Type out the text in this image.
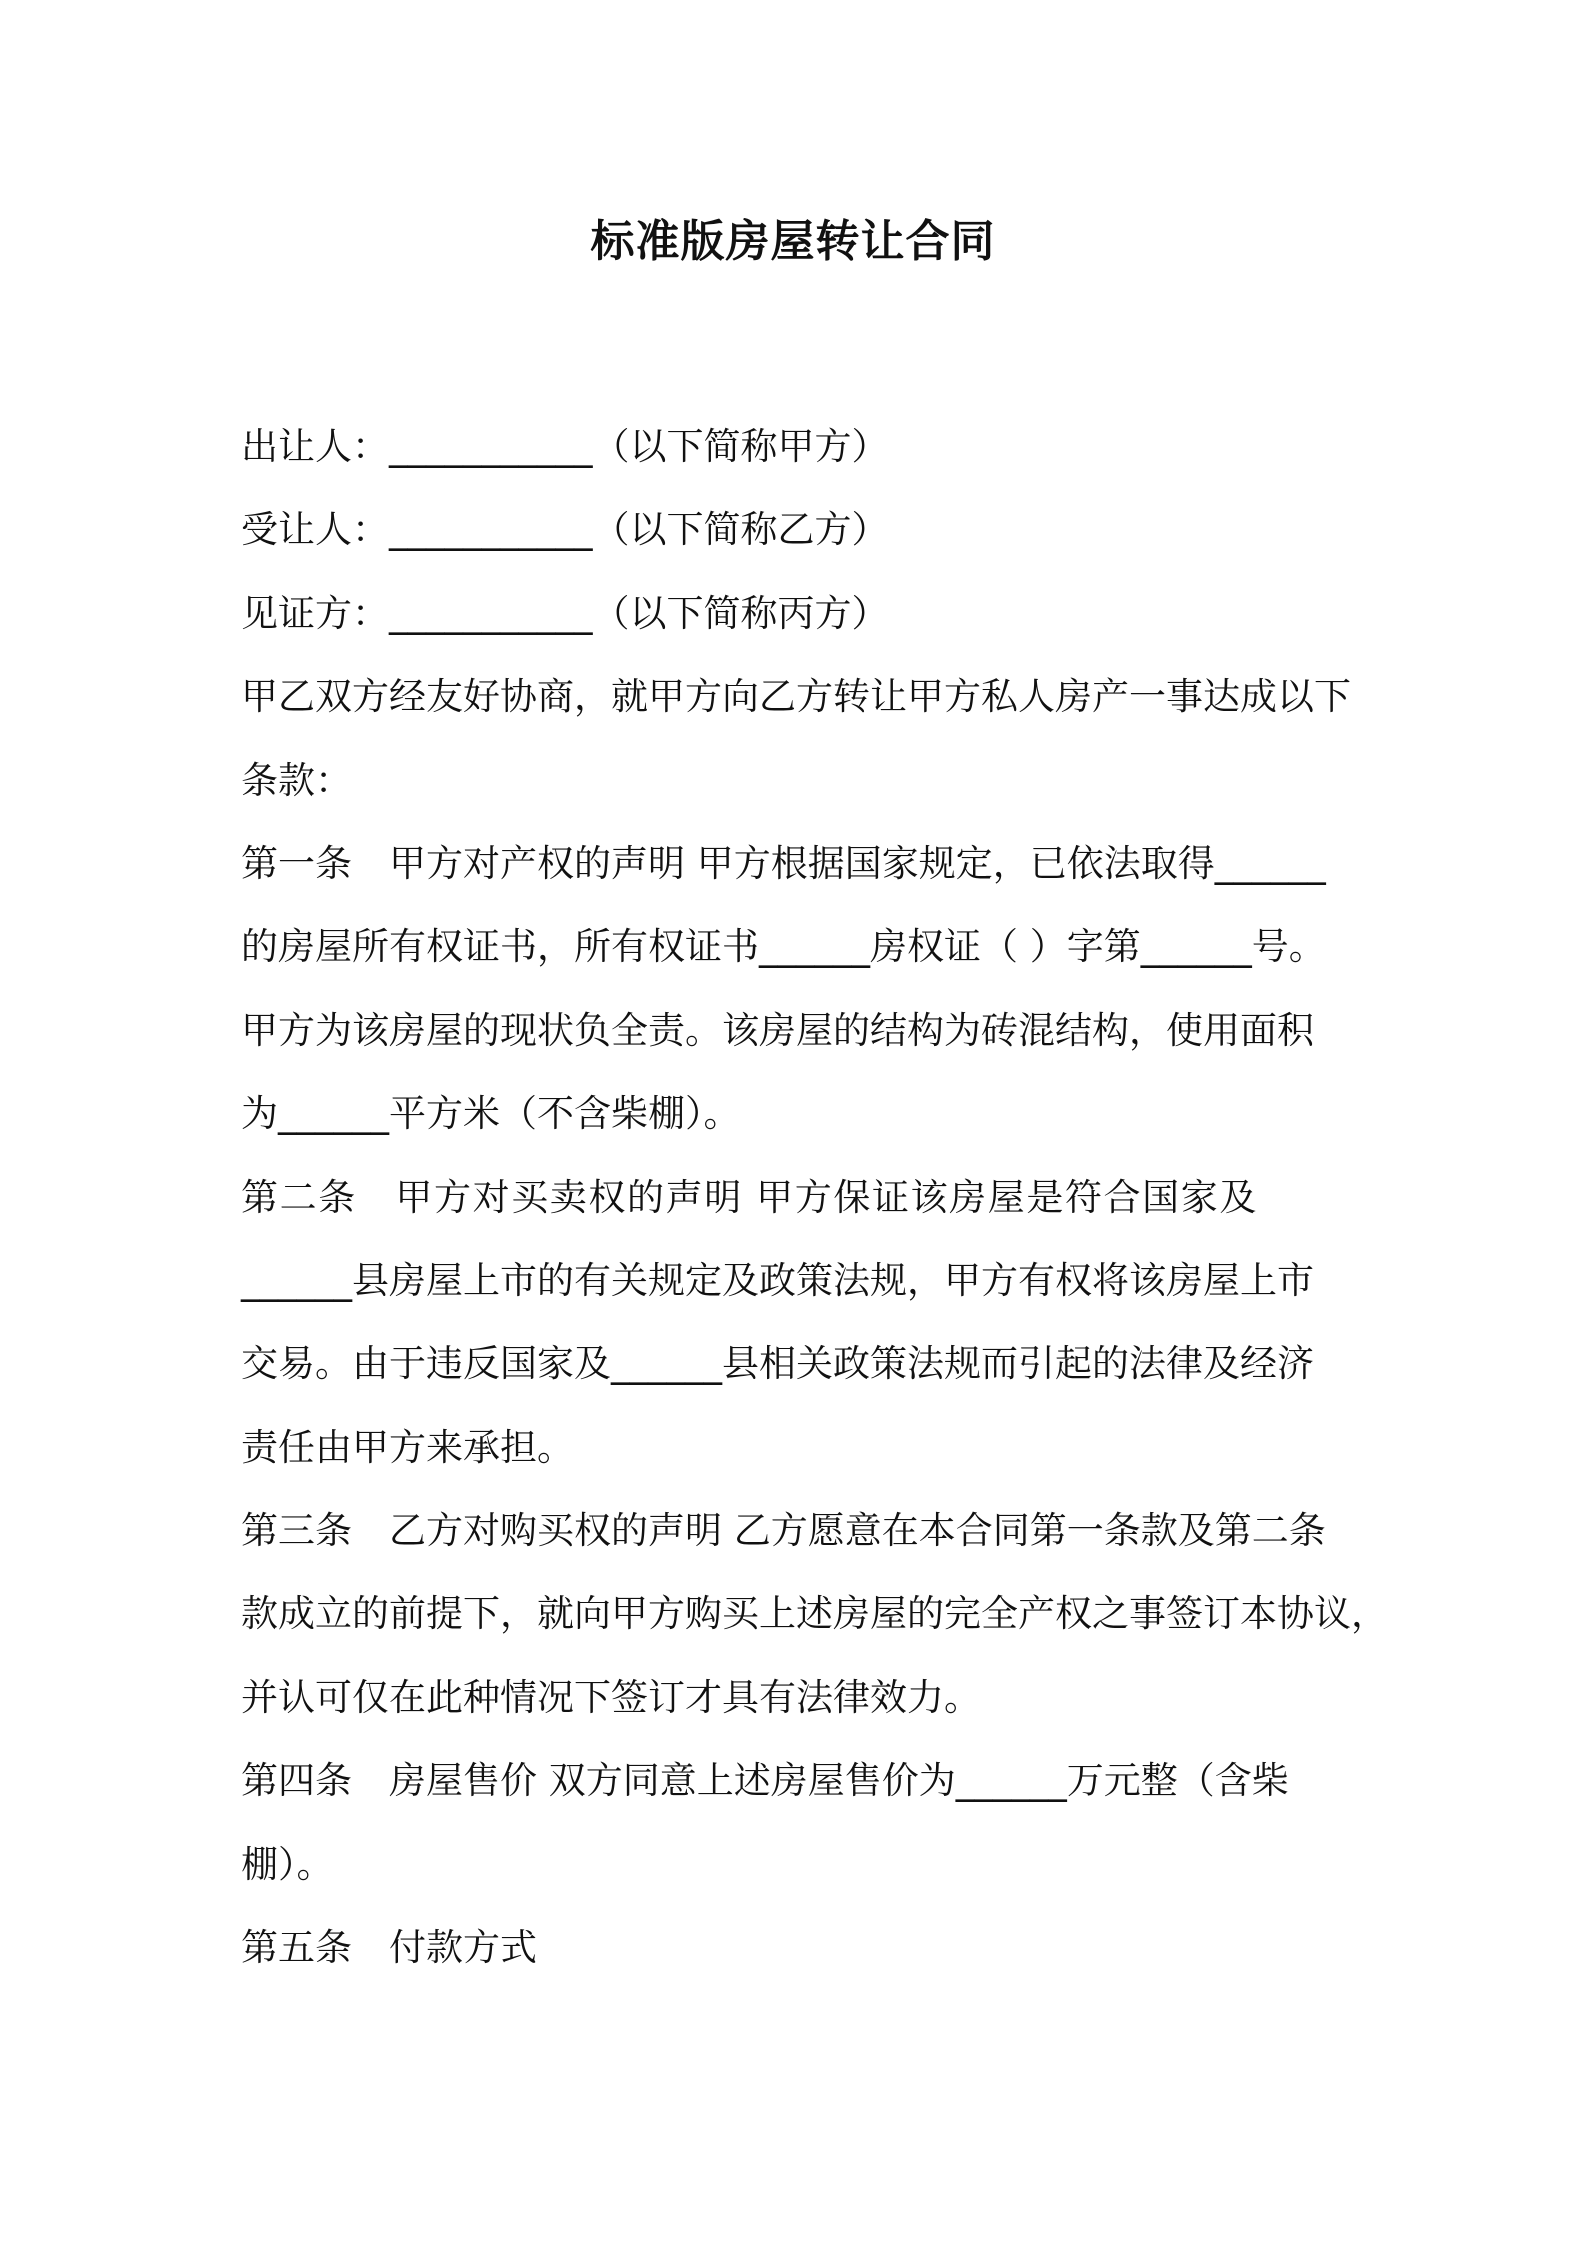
标准版房屋转让合同

出让人：___________（以下简称甲方）

受让人：___________（以下简称乙方）

见证方：___________（以下简称丙方）

甲乙双方经友好协商，就甲方向乙方转让甲方私人房产一事达成以下

条款：

第一条　甲方对产权的声明 甲方根据国家规定，已依法取得______

的房屋所有权证书，所有权证书______房权证（ ）字第______号。

甲方为该房屋的现状负全责。该房屋的结构为砖混结构，使用面积

为______平方米（不含柴棚）。

第二条　甲方对买卖权的声明 甲方保证该房屋是符合国家及

______县房屋上市的有关规定及政策法规，甲方有权将该房屋上市

交易。由于违反国家及______县相关政策法规而引起的法律及经济

责任由甲方来承担。

第三条　乙方对购买权的声明 乙方愿意在本合同第一条款及第二条

款成立的前提下，就向甲方购买上述房屋的完全产权之事签订本协议，

并认可仅在此种情况下签订才具有法律效力。

第四条　房屋售价 双方同意上述房屋售价为______万元整（含柴

棚）。

第五条　付款方式
